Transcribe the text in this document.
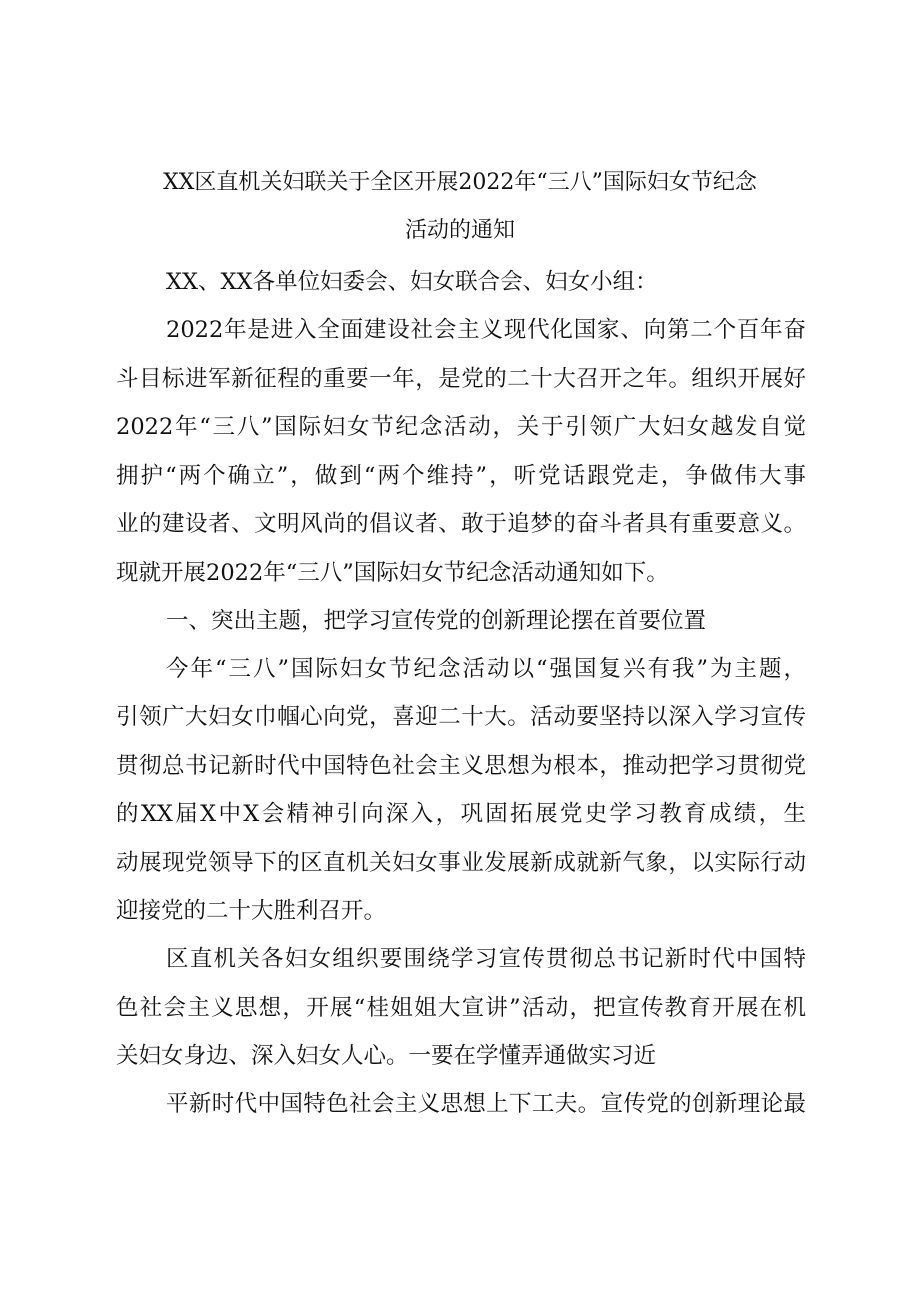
XX区直机关妇联关于全区开展2022年“三八”国际妇女节纪念
活动的通知
XX、XX各单位妇委会、妇女联合会、妇女小组：
2022年是进入全面建设社会主义现代化国家、向第二个百年奋
斗目标进军新征程的重要一年，是党的二十大召开之年。组织开展好
2022年“三八”国际妇女节纪念活动，关于引领广大妇女越发自觉
拥护“两个确立”，做到“两个维持”，听党话跟党走，争做伟大事
业的建设者、文明风尚的倡议者、敢于追梦的奋斗者具有重要意义。
现就开展2022年“三八”国际妇女节纪念活动通知如下。
一、突出主题，把学习宣传党的创新理论摆在首要位置
今年“三八”国际妇女节纪念活动以“强国复兴有我”为主题，
引领广大妇女巾帼心向党，喜迎二十大。活动要坚持以深入学习宣传
贯彻总书记新时代中国特色社会主义思想为根本，推动把学习贯彻党
的XX届X中X会精神引向深入，巩固拓展党史学习教育成绩，生
动展现党领导下的区直机关妇女事业发展新成就新气象，以实际行动
迎接党的二十大胜利召开。
区直机关各妇女组织要围绕学习宣传贯彻总书记新时代中国特
色社会主义思想，开展“桂姐姐大宣讲”活动，把宣传教育开展在机
关妇女身边、深入妇女人心。一要在学懂弄通做实习近
平新时代中国特色社会主义思想上下工夫。宣传党的创新理论最
